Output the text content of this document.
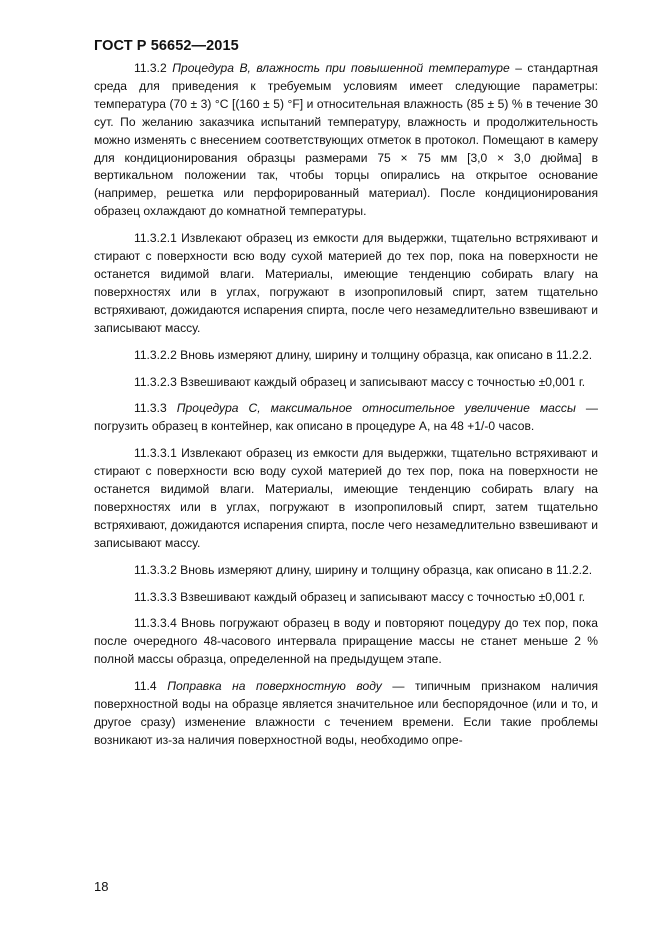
ГОСТ Р 56652—2015

11.3.2 Процедура В, влажность при повышенной температуре – стандартная среда для приведения к требуемым условиям имеет следующие параметры: температура (70 ± 3) °С [(160 ± 5) °F] и относительная влажность (85 ± 5) % в течение 30 сут. По желанию заказчика испытаний температуру, влажность и продолжительность можно изменять с внесением соответствующих отметок в протокол. Помещают в камеру для кондиционирования образцы размерами 75 × 75 мм [3,0 × 3,0 дюйма] в вертикальном положении так, чтобы торцы опирались на открытое основание (например, решетка или перфорированный материал). После кондиционирования образец охлаждают до комнатной температуры.

11.3.2.1 Извлекают образец из емкости для выдержки, тщательно встряхивают и стирают с поверхности всю воду сухой материей до тех пор, пока на поверхности не останется видимой влаги. Материалы, имеющие тенденцию собирать влагу на поверхностях или в углах, погружают в изопропиловый спирт, затем тщательно встряхивают, дожидаются испарения спирта, после чего незамедлительно взвешивают и записывают массу.

11.3.2.2 Вновь измеряют длину, ширину и толщину образца, как описано в 11.2.2.

11.3.2.3 Взвешивают каждый образец и записывают массу с точностью ±0,001 г.

11.3.3 Процедура С, максимальное относительное увеличение массы — погрузить образец в контейнер, как описано в процедуре А, на 48 +1/-0 часов.

11.3.3.1 Извлекают образец из емкости для выдержки, тщательно встряхивают и стирают с поверхности всю воду сухой материей до тех пор, пока на поверхности не останется видимой влаги. Материалы, имеющие тенденцию собирать влагу на поверхностях или в углах, погружают в изопропиловый спирт, затем тщательно встряхивают, дожидаются испарения спирта, после чего незамедлительно взвешивают и записывают массу.

11.3.3.2 Вновь измеряют длину, ширину и толщину образца, как описано в 11.2.2.

11.3.3.3 Взвешивают каждый образец и записывают массу с точностью ±0,001 г.

11.3.3.4 Вновь погружают образец в воду и повторяют поцедуру до тех пор, пока после очередного 48-часового интервала приращение массы не станет меньше 2 % полной массы образца, определенной на предыдущем этапе.

11.4 Поправка на поверхностную воду — типичным признаком наличия поверхностной воды на образце является значительное или беспорядочное (или и то, и другое сразу) изменение влажности с течением времени. Если такие проблемы возникают из-за наличия поверхностной воды, необходимо опре-

18
